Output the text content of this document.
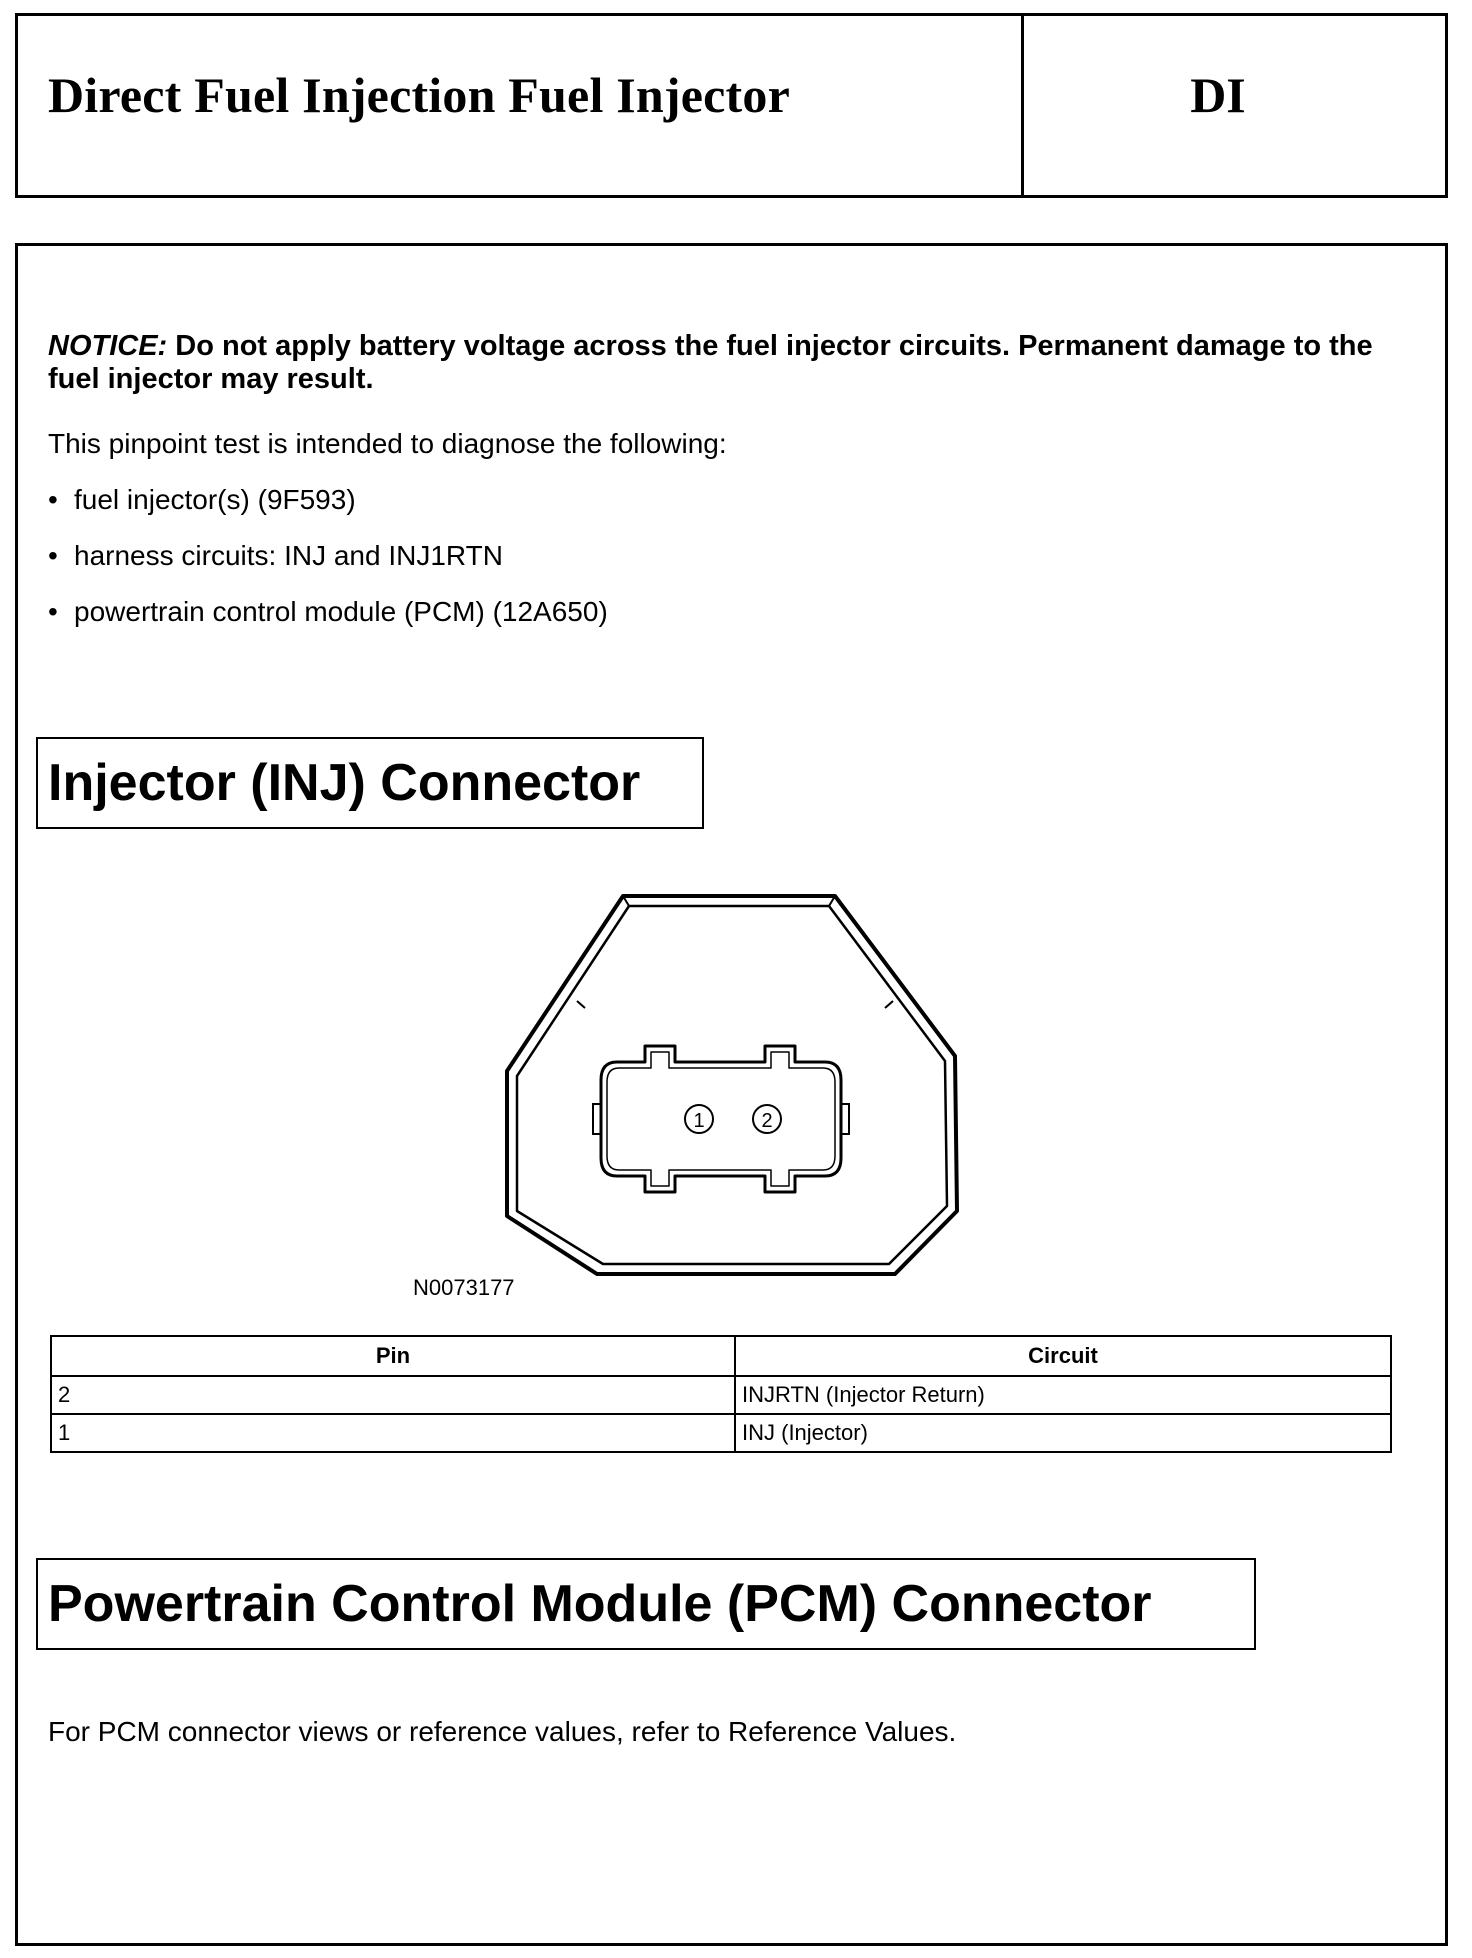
Direct Fuel Injection Fuel Injector	DI
NOTICE: Do not apply battery voltage across the fuel injector circuits. Permanent damage to the fuel injector may result.
This pinpoint test is intended to diagnose the following:
• fuel injector(s) (9F593)
• harness circuits: INJ and INJ1RTN
• powertrain control module (PCM) (12A650)
Injector (INJ) Connector
1	2
N0073177
Pin	Circuit
2	INJRTN (Injector Return)
1	INJ (Injector)
Powertrain Control Module (PCM) Connector
For PCM connector views or reference values, refer to Reference Values.
